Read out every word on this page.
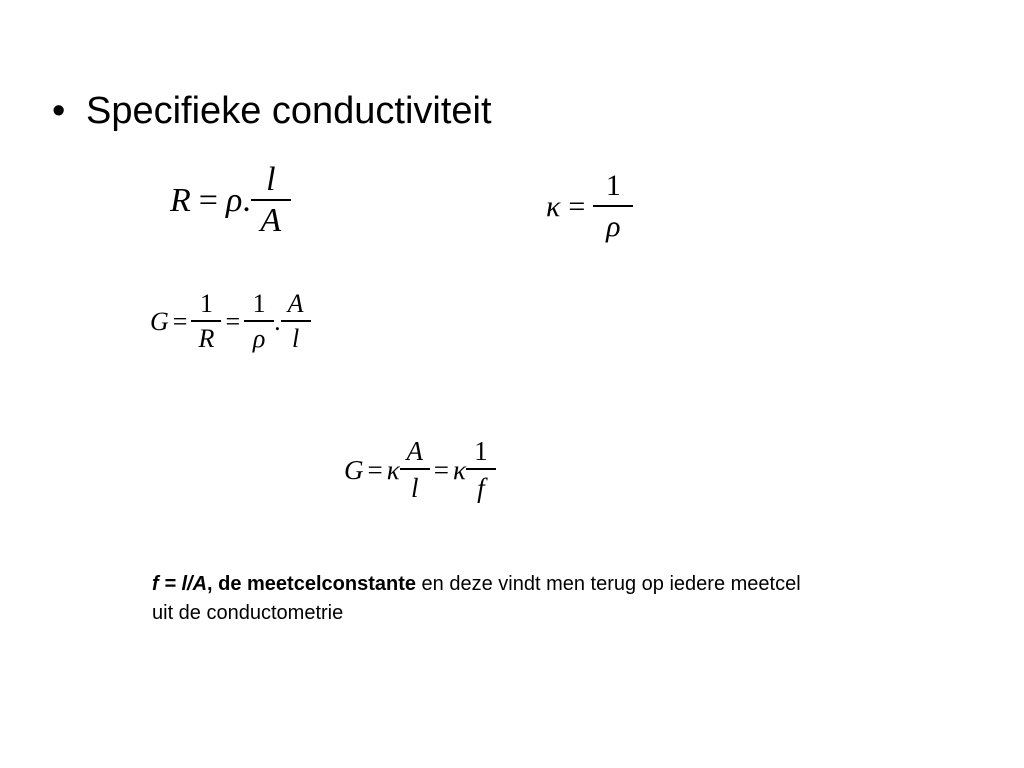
• Specifieke conductiviteit
R = ρ . $\frac{l}{A}$	$\kappa = \frac{1}{\rho}$
$G = \frac{1}{R} = \frac{1}{\rho}$ . $\frac{A}{l}$
G = κ $\frac{A}{l} = \kappa \frac{1}{f}$
f = l/A, de meetcelconstante en deze vindt men terug op iedere meetcel uit de conductometrie
